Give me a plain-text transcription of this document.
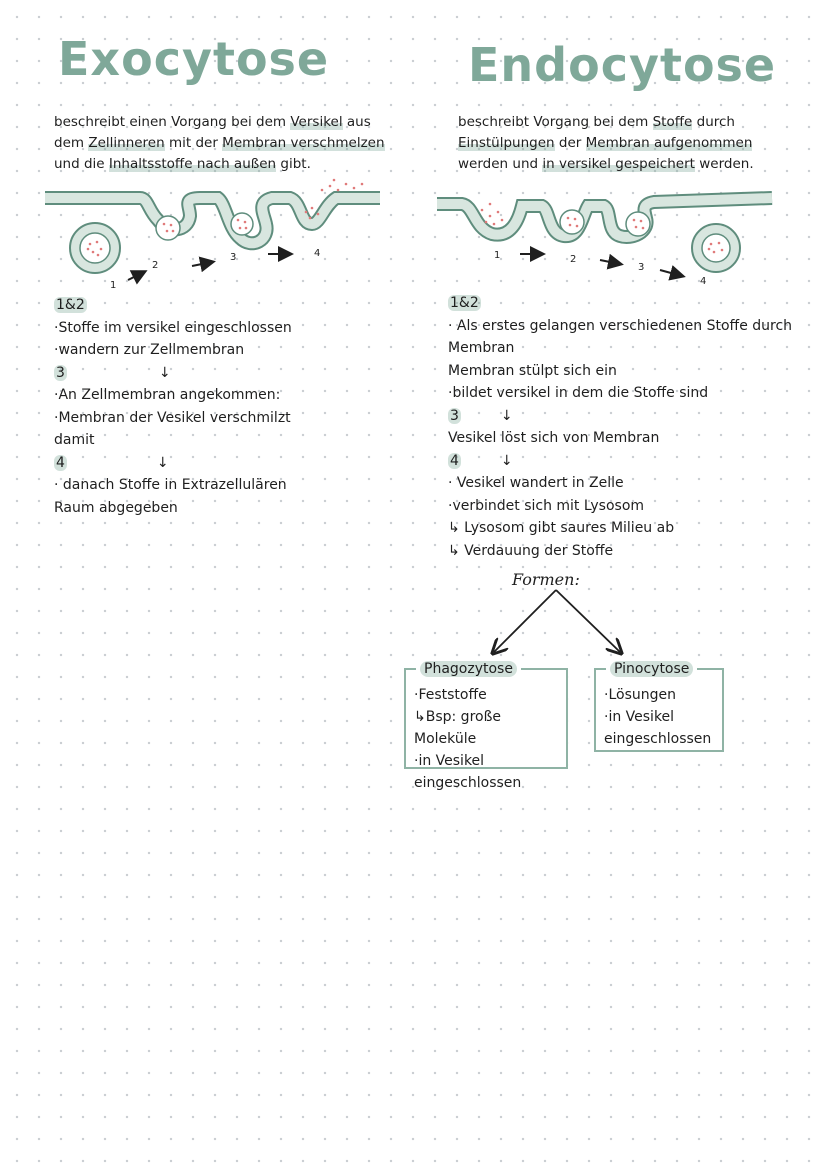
Exocytose	Endocytose

beschreibt einen Vorgang bei dem Versikel aus
dem Zellinneren mit der Membran verschmelzen
und die Inhaltsstoffe nach außen gibt.

beschreibt Vorgang bei dem Stoffe durch
Einstülpungen der Membran aufgenommen
werden und in versikel gespeichert werden.

1
2
3	4	1	2
3
4
1&2
·Stoffe im versikel eingeschlossen
·wandern zur Zellmembran
3	↓
·An Zellmembran angekommen:
·Membran der Vesikel verschmilzt
damit
4	↓
· danach Stoffe in Extrazellulären
Raum abgegeben
1&2
· Als erstes gelangen verschiedenen Stoffe durch
Membran
Membran stülpt sich ein
·bildet versikel in dem die Stoffe sind
3	↓
Vesikel löst sich von Membran
4	↓
· Vesikel wandert in Zelle
·verbindet sich mit Lysosom
↳ Lysosom gibt saures Milieu ab
↳ Verdauung der Stoffe
Formen:
Phagozytose
·Feststoffe
↳Bsp: große Moleküle
·in Vesikel
eingeschlossen
Pinocytose
·Lösungen
·in Vesikel
eingeschlossen
